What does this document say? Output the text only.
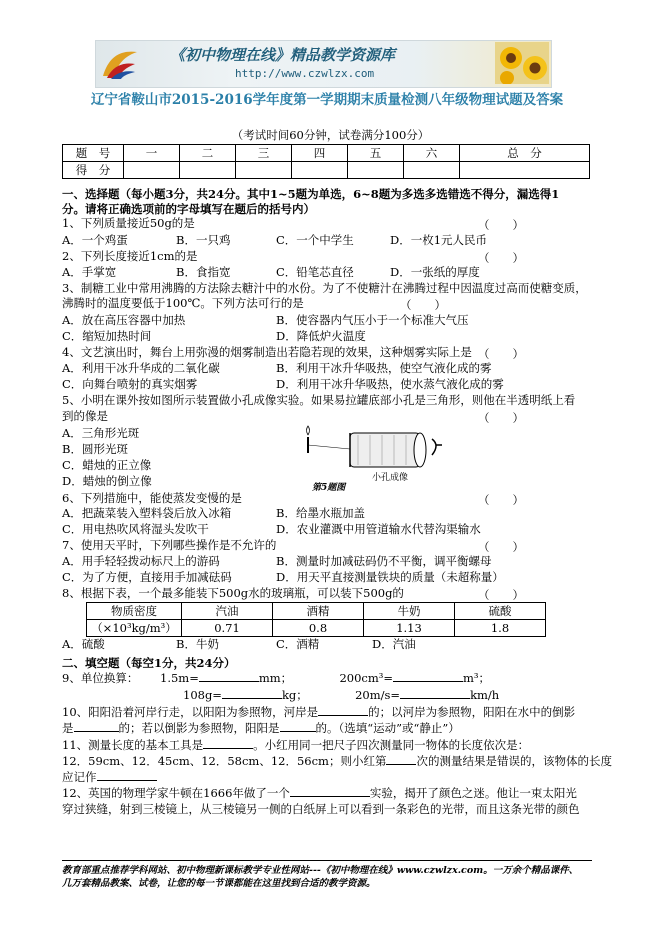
《初中物理在线》精品教学资源库
http://www.czwlzx.com
辽宁省鞍山市2015-2016学年度第一学期期末质量检测八年级物理试题及答案
（考试时间60分钟，试卷满分100分）
题　号	一	二	三	四	五	六	总　分
得　分							
一、选择题（每小题3分，共24分。其中1~5题为单选，6~8题为多选多选错选不得分，漏选得1
分。请将正确选项前的字母填写在题后的括号内）
1、下列质量接近50g的是	（　　）
A．一个鸡蛋	B．一只鸡	C．一个中学生	D．一枚1元人民币
2、下列长度接近1cm的是	（　　）
A．手掌宽	B．食指宽	C．铅笔芯直径	D．一张纸的厚度
3、制糖工业中常用沸腾的方法除去糖汁中的水份。为了不使糖汁在沸腾过程中因温度过高而使糖变质，
沸腾时的温度要低于100℃。下列方法可行的是	（　　）
A．放在高压容器中加热	B．使容器内气压小于一个标准大气压
C．缩短加热时间	D．降低炉火温度
4、文艺演出时，舞台上用弥漫的烟雾制造出若隐若现的效果，这种烟雾实际上是 （　　）
A．利用干冰升华成的二氧化碳	B．利用干冰升华吸热，使空气液化成的雾
C．向舞台喷射的真实烟雾	D．利用干冰升华吸热，使水蒸气液化成的雾
5、小明在课外按如图所示装置做小孔成像实验。如果易拉罐底部小孔是三角形，则他在半透明纸上看
到的像是	（　　）
A．三角形光斑
B．圆形光斑
C．蜡烛的正立像
D．蜡烛的倒立像	小孔成像
第5题图
6、下列措施中，能使蒸发变慢的是	（　　）
A．把蔬菜装入塑料袋后放入冰箱	B．给墨水瓶加盖
C．用电热吹风将湿头发吹干	D．农业灌溉中用管道输水代替沟渠输水
7、使用天平时，下列哪些操作是不允许的	（　　）
A．用手轻轻拨动标尺上的游码	B．测量时加减砝码仍不平衡，调平衡螺母
C．为了方便，直接用手加减砝码	D．用天平直接测量铁块的质量（未超称量）
8、根据下表，一个最多能装下500g水的玻璃瓶，可以装下500g的	（　　）
物质密度	汽油	酒精	牛奶	硫酸
（×10³kg/m³）	0.71	0.8	1.13	1.8
A．硫酸	B．牛奶	C．酒精	D．汽油
二、填空题（每空1分，共24分）
9、单位换算： 1.5m=	mm；	200cm³=	m³；
108g=	kg；	20m/s=	km/h
10、阳阳沿着河岸行走，以阳阳为参照物，河岸是	的；以河岸为参照物，阳阳在水中的倒影
是	的；若以倒影为参照物，阳阳是	的。（选填“运动”或“静止”）
11、测量长度的基本工具是	。小红用同一把尺子四次测量同一物体的长度依次是：
12．59cm、12．45cm、12．58cm、12．56cm；则小红第	次的测量结果是错误的，该物体的长度
应记作
12、英国的物理学家牛顿在1666年做了一个	实验，揭开了颜色之迷。他让一束太阳光
穿过狭缝，射到三棱镜上，从三棱镜另一侧的白纸屏上可以看到一条彩色的光带，而且这条光带的颜色
教育部重点推荐学科网站、初中物理新课标教学专业性网站---《初中物理在线》www.czwlzx.com。一万余个精品课件、
几万套精品教案、试卷，让您的每一节课都能在这里找到合适的教学资源。
